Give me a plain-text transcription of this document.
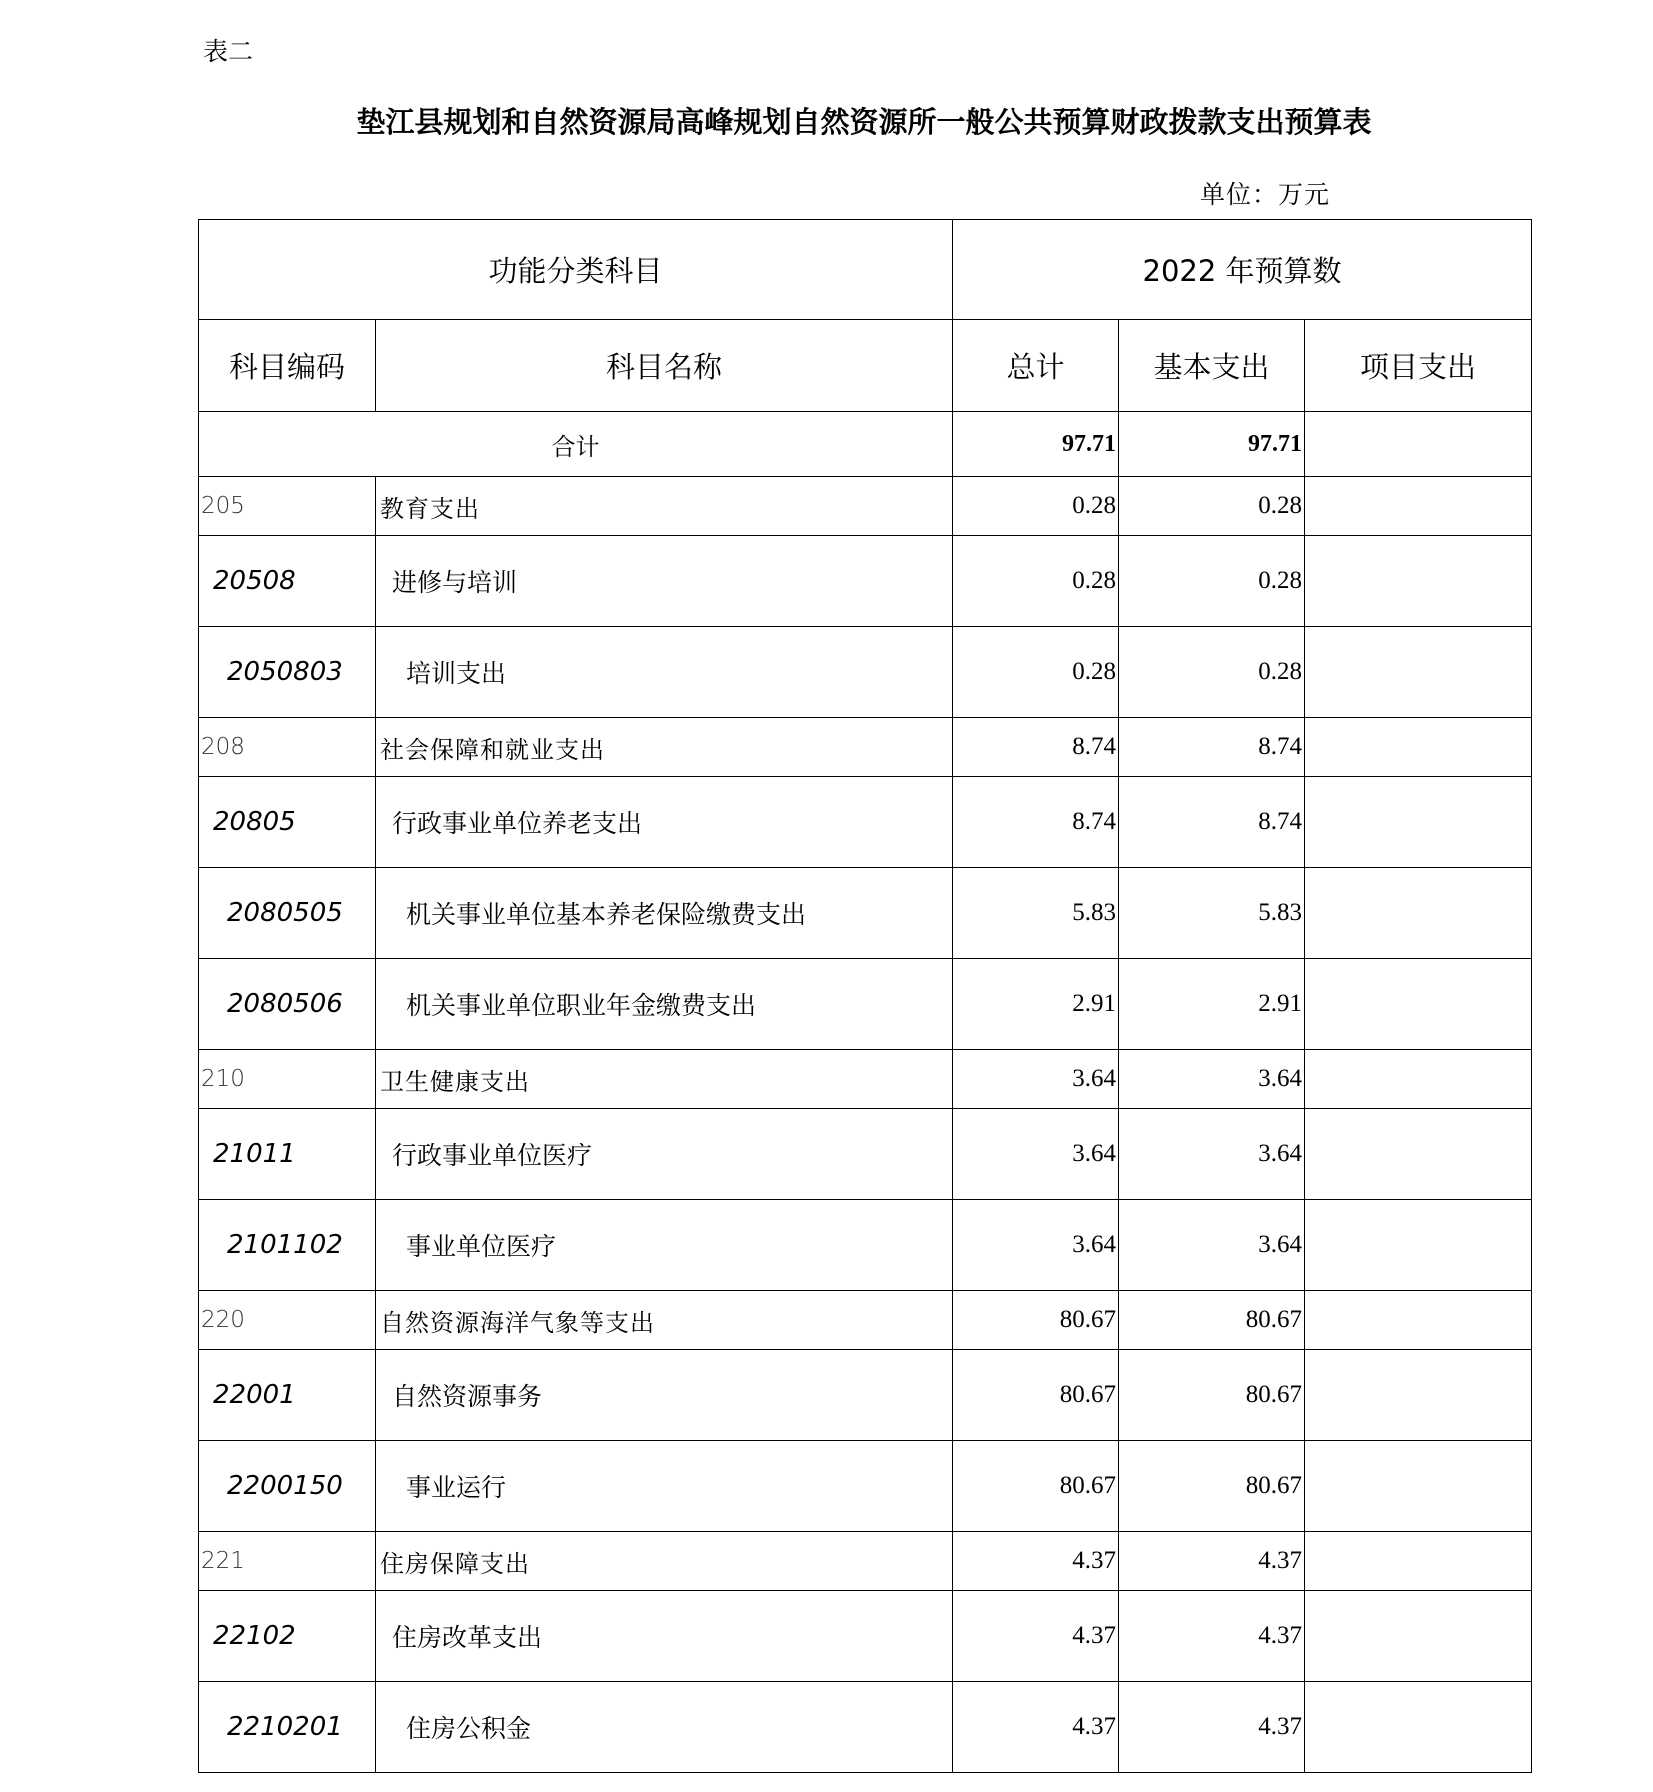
表二
垫江县规划和自然资源局高峰规划自然资源所一般公共预算财政拨款支出预算表
单位：万元
功能分类科目		2022 年预算数		
科目编码	科目名称	总计	基本支出	项目支出
合计		97.71	97.71	
205	教育支出	0.28	0.28	
20508	进修与培训	0.28	0.28	
2050803	培训支出	0.28	0.28	
208	社会保障和就业支出	8.74	8.74	
20805	行政事业单位养老支出	8.74	8.74	
2080505	机关事业单位基本养老保险缴费支出	5.83	5.83	
2080506	机关事业单位职业年金缴费支出	2.91	2.91	
210	卫生健康支出	3.64	3.64	
21011	行政事业单位医疗	3.64	3.64	
2101102	事业单位医疗	3.64	3.64	
220	自然资源海洋气象等支出	80.67	80.67	
22001	自然资源事务	80.67	80.67	
2200150	事业运行	80.67	80.67	
221	住房保障支出	4.37	4.37	
22102	住房改革支出	4.37	4.37	
2210201	住房公积金	4.37	4.37	
